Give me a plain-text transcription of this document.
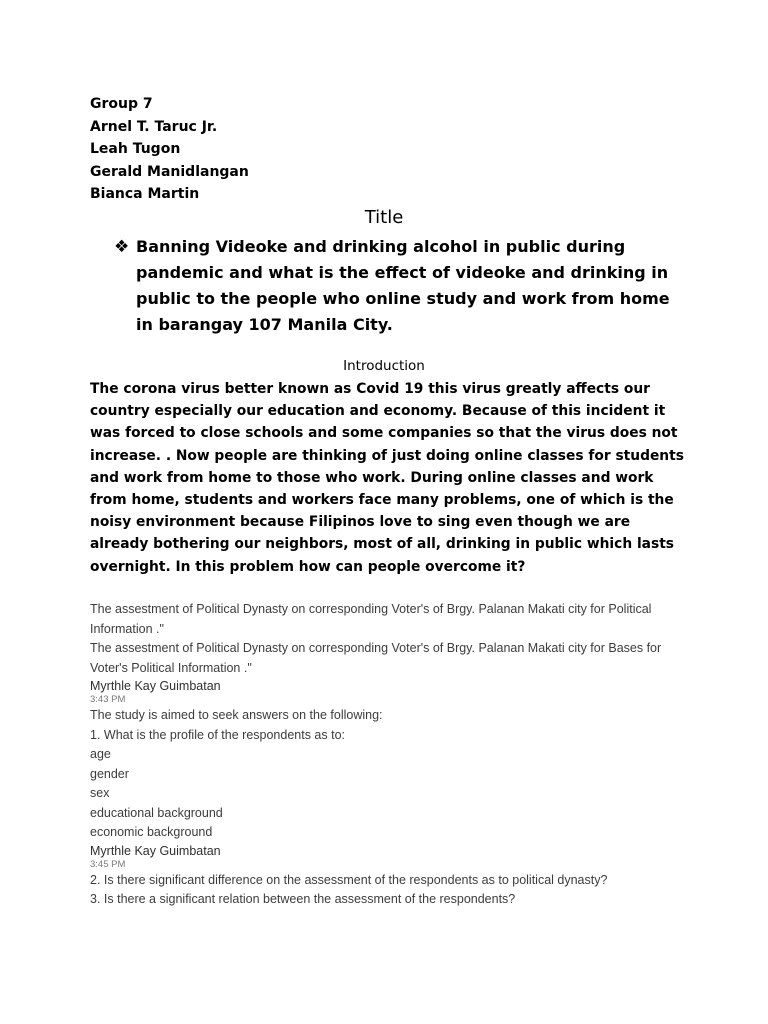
Group 7
Arnel T. Taruc Jr.
Leah Tugon
Gerald Manidlangan
Bianca Martin
Title
❖ Banning Videoke and drinking alcohol in public during pandemic and what is the effect of videoke and drinking in public to the people who online study and work from home in barangay 107 Manila City.
Introduction
The corona virus better known as Covid 19 this virus greatly affects our country especially our education and economy. Because of this incident it was forced to close schools and some companies so that the virus does not increase. . Now people are thinking of just doing online classes for students and work from home to those who work. During online classes and work from home, students and workers face many problems, one of which is the noisy environment because Filipinos love to sing even though we are already bothering our neighbors, most of all, drinking in public which lasts overnight. In this problem how can people overcome it?
The assestment of Political Dynasty on corresponding Voter's of Brgy. Palanan Makati city for Political
Information ."
The assestment of Political Dynasty on corresponding Voter's of Brgy. Palanan Makati city for Bases for
Voter's Political Information ."
Myrthle Kay Guimbatan
3:43 PM
The study is aimed to seek answers on the following:
1. What is the profile of the respondents as to:
age
gender
sex
educational background
economic background
Myrthle Kay Guimbatan
3:45 PM
2. Is there significant difference on the assessment of the respondents as to political dynasty?
3. Is there a significant relation between the assessment of the respondents?
